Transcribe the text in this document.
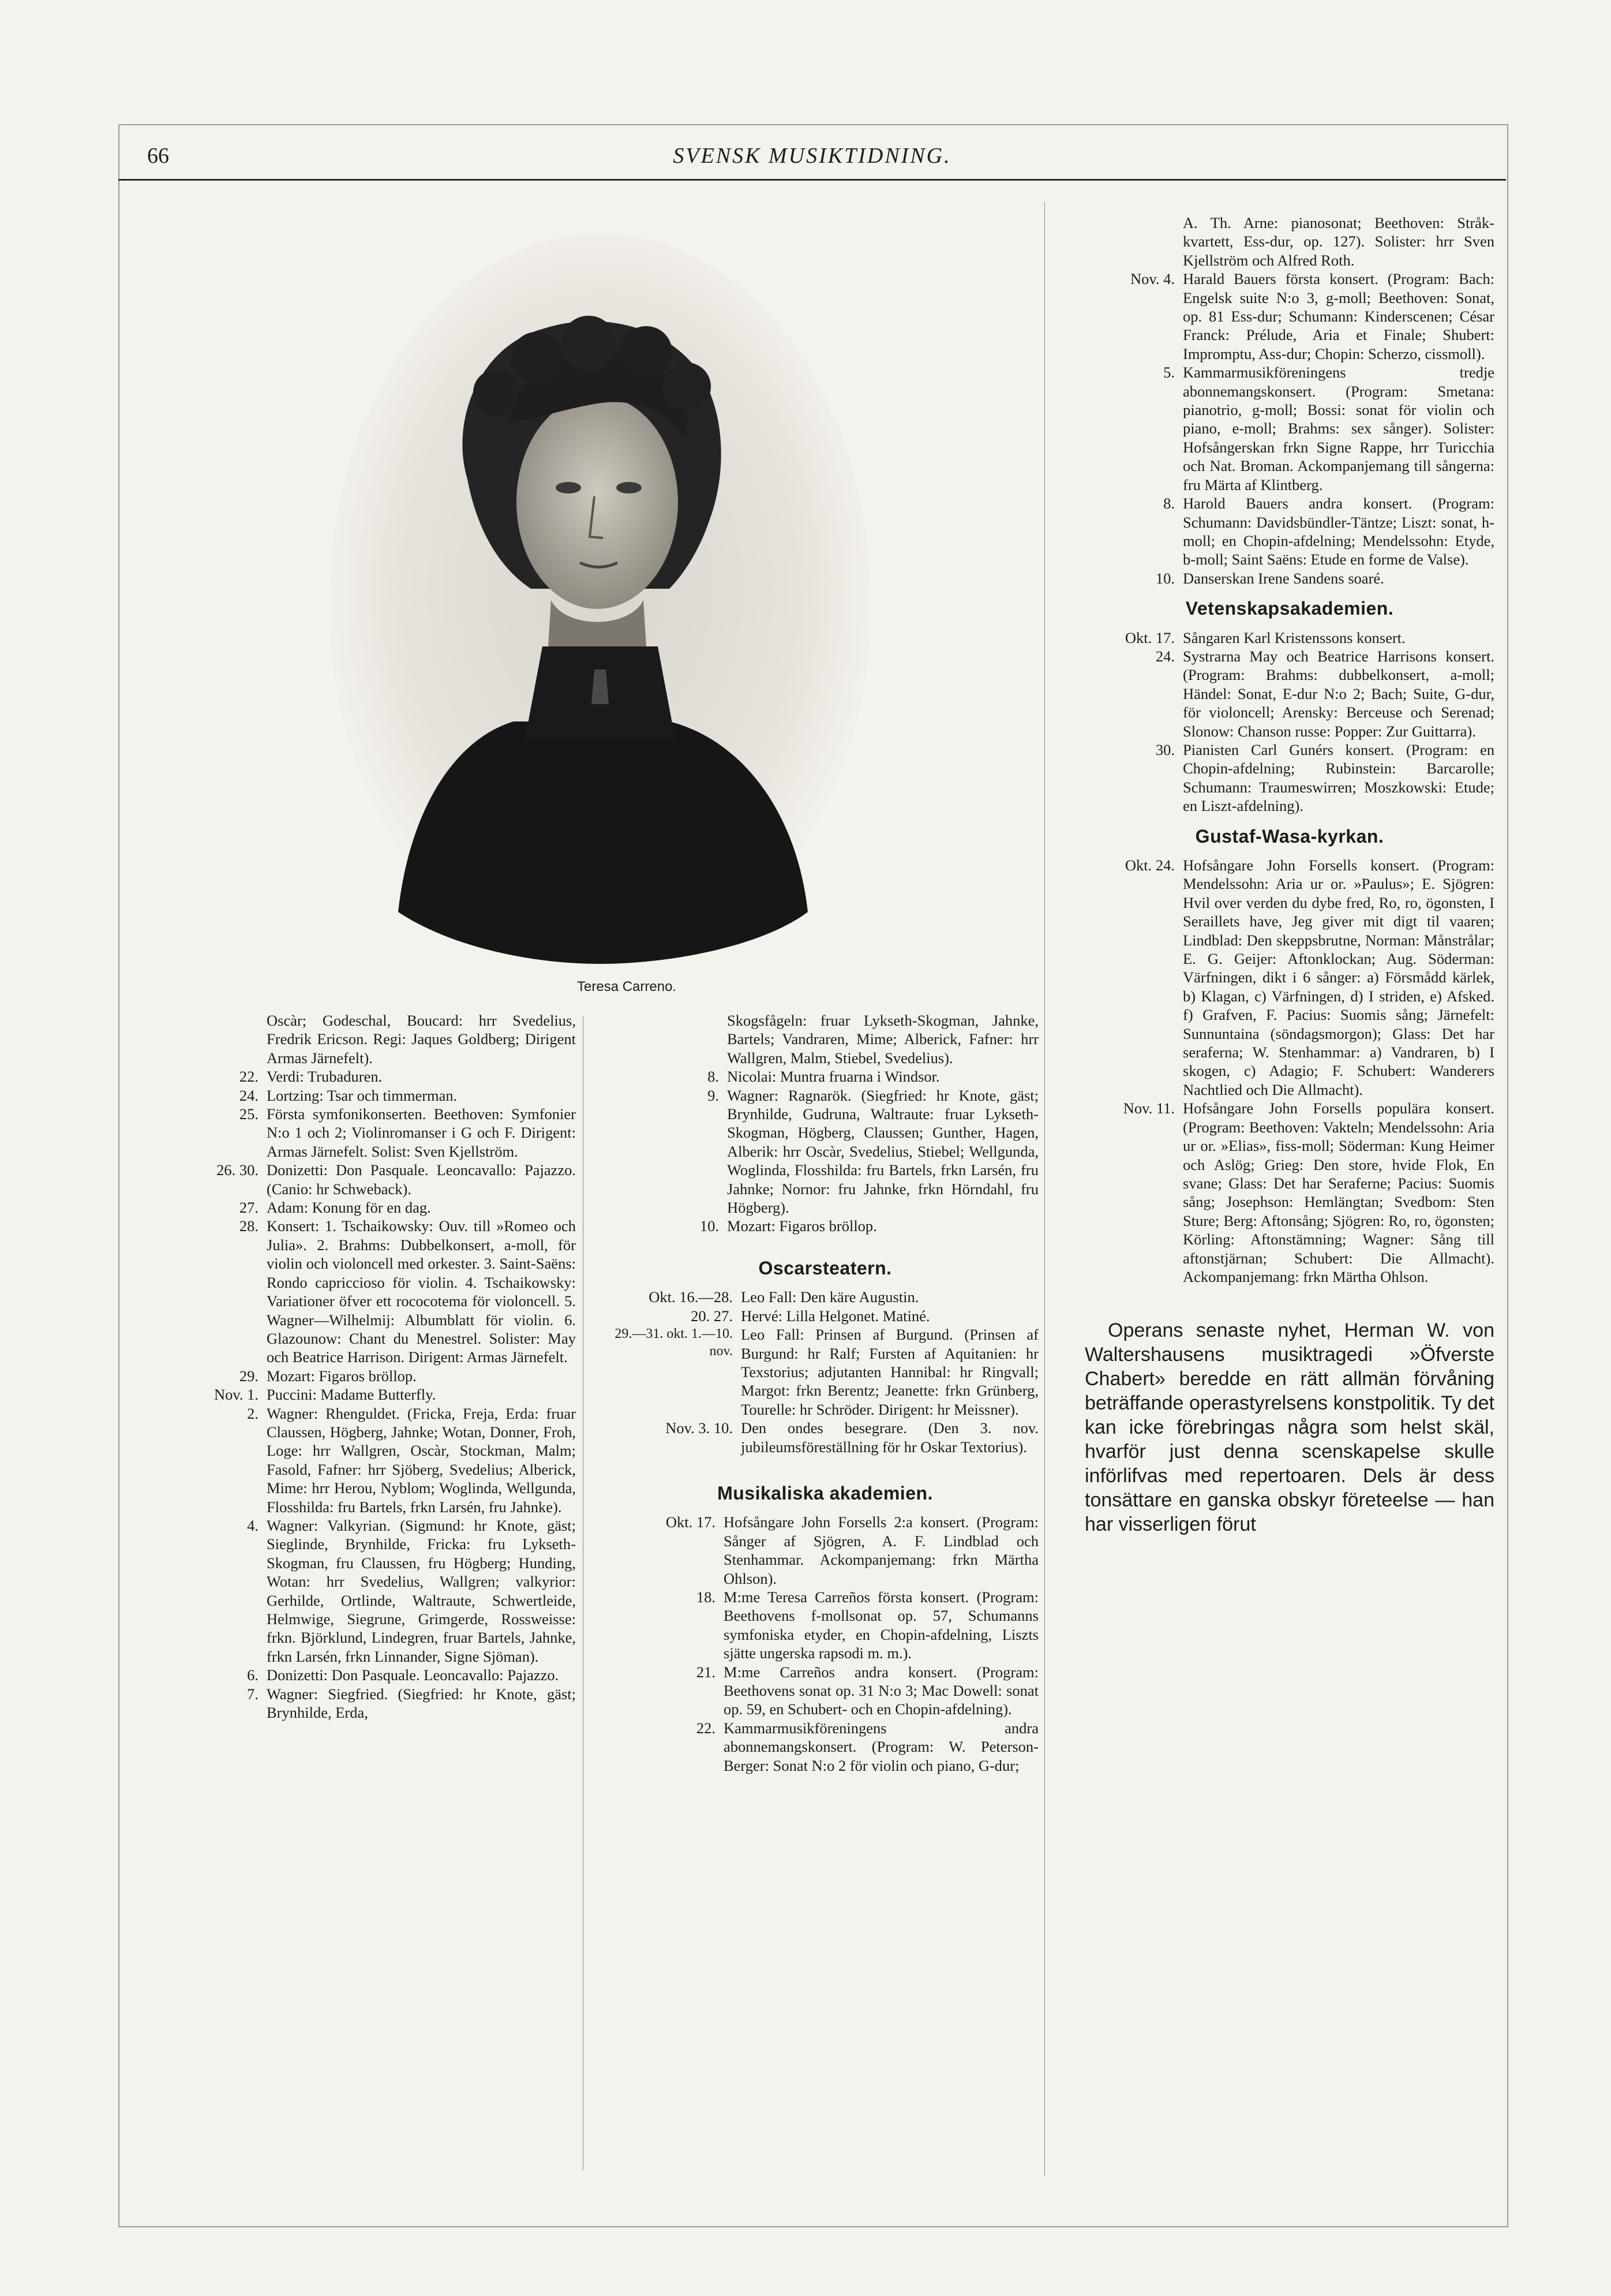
66	SVENSK MUSIKTIDNING.
Teresa Carreno.
Oscàr; Godeschal, Boucard: hrr Svedelius, Fredrik Ericson. Regi: Jaques Goldberg; Dirigent Armas Järnefelt).
22. Verdi: Trubaduren.
24. Lortzing: Tsar och timmerman.
25. Första symfonikonserten. Beethoven: Symfonier N:o 1 och 2; Violinromanser i G och F. Dirigent: Armas Järnefelt. Solist: Sven Kjellström.
26. 30. Donizetti: Don Pasquale. Leoncavallo: Pajazzo. (Canio: hr Schweback).
27. Adam: Konung för en dag.
28. Konsert: 1. Tschaikowsky: Ouv. till »Romeo och Julia». 2. Brahms: Dubbelkonsert, a-moll, för violin och violoncell med orkester. 3. Saint-Saëns: Rondo capriccioso för violin. 4. Tschaikowsky: Variationer öfver ett rococotema för violoncell. 5. Wagner—Wilhelmij: Albumblatt för violin. 6. Glazounow: Chant du Menestrel. Solister: May och Beatrice Harrison. Dirigent: Armas Järnefelt.
29. Mozart: Figaros bröllop.
Nov. 1. Puccini: Madame Butterfly.
2. Wagner: Rhenguldet. (Fricka, Freja, Erda: fruar Claussen, Högberg, Jahnke; Wotan, Donner, Froh, Loge: hrr Wallgren, Oscàr, Stockman, Malm; Fasold, Fafner: hrr Sjöberg, Svedelius; Alberick, Mime: hrr Herou, Nyblom; Woglinda, Wellgunda, Flosshilda: fru Bartels, frkn Larsén, fru Jahnke).
4. Wagner: Valkyrian. (Sigmund: hr Knote, gäst; Sieglinde, Brynhilde, Fricka: fru Lykseth-Skogman, fru Claussen, fru Högberg; Hunding, Wotan: hrr Svedelius, Wallgren; valkyrior: Gerhilde, Ortlinde, Waltraute, Schwertleide, Helmwige, Siegrune, Grimgerde, Rossweisse: frkn. Björklund, Lindegren, fruar Bartels, Jahnke, frkn Larsén, frkn Linnander, Signe Sjöman).
6. Donizetti: Don Pasquale. Leoncavallo: Pajazzo.
7. Wagner: Siegfried. (Siegfried: hr Knote, gäst; Brynhilde, Erda,
Skogsfågeln: fruar Lykseth-Skogman, Jahnke, Bartels; Vandraren, Mime; Alberick, Fafner: hrr Wallgren, Malm, Stiebel, Svedelius).
8. Nicolai: Muntra fruarna i Windsor.
9. Wagner: Ragnarök. (Siegfried: hr Knote, gäst; Brynhilde, Gudruna, Waltraute: fruar Lykseth-Skogman, Högberg, Claussen; Gunther, Hagen, Alberik: hrr Oscàr, Svedelius, Stiebel; Wellgunda, Woglinda, Flosshilda: fru Bartels, frkn Larsén, fru Jahnke; Nornor: fru Jahnke, frkn Hörndahl, fru Högberg).
10. Mozart: Figaros bröllop.
Oscarsteatern.
Okt. 16.—28. Leo Fall: Den käre Augustin.
20. 27. Hervé: Lilla Helgonet. Matiné.
29.—31. okt. 1.—10. nov.
Leo Fall: Prinsen af Burgund. (Prinsen af Burgund: hr Ralf; Fursten af Aquitanien: hr Texstorius; adjutanten Hannibal: hr Ringvall; Margot: frkn Berentz; Jeanette: frkn Grünberg, Tourelle: hr Schröder. Dirigent: hr Meissner).
Nov. 3. 10. Den ondes besegrare. (Den 3. nov. jubileumsföreställning för hr Oskar Textorius).
Musikaliska akademien.
Okt. 17. Hofsångare John Forsells 2:a konsert. (Program: Sånger af Sjögren, A. F. Lindblad och Stenhammar. Ackompanjemang: frkn Märtha Ohlson).
18. M:me Teresa Carreños första konsert. (Program: Beethovens f-mollsonat op. 57, Schumanns symfoniska etyder, en Chopin-afdelning, Liszts sjätte ungerska rapsodi m. m.).
21. M:me Carreños andra konsert. (Program: Beethovens sonat op. 31 N:o 3; Mac Dowell: sonat op. 59, en Schubert- och en Chopin-afdelning).
22. Kammarmusikföreningens andra abonnemangskonsert. (Program: W. Peterson-Berger: Sonat N:o 2 för violin och piano, G-dur;
A. Th. Arne: pianosonat; Beethoven: Stråk-kvartett, Ess-dur, op. 127). Solister: hrr Sven Kjellström och Alfred Roth.
Nov. 4. Harald Bauers första konsert. (Program: Bach: Engelsk suite N:o 3, g-moll; Beethoven: Sonat, op. 81 Ess-dur; Schumann: Kinderscenen; César Franck: Prélude, Aria et Finale; Shubert: Impromptu, Ass-dur; Chopin: Scherzo, cissmoll).
5. Kammarmusikföreningens tredje abonnemangskonsert. (Program: Smetana: pianotrio, g-moll; Bossi: sonat för violin och piano, e-moll; Brahms: sex sånger). Solister: Hofsångerskan frkn Signe Rappe, hrr Turicchia och Nat. Broman. Ackompanjemang till sångerna: fru Märta af Klintberg.
8. Harold Bauers andra konsert. (Program: Schumann: Davidsbündler-Täntze; Liszt: sonat, h-moll; en Chopin-afdelning; Mendelssohn: Etyde, b-moll; Saint Saëns: Etude en forme de Valse).
10. Danserskan Irene Sandens soaré.
Vetenskapsakademien.
Okt. 17. Sångaren Karl Kristenssons konsert.
24. Systrarna May och Beatrice Harrisons konsert. (Program: Brahms: dubbelkonsert, a-moll; Händel: Sonat, E-dur N:o 2; Bach; Suite, G-dur, för violoncell; Arensky: Berceuse och Serenad; Slonow: Chanson russe: Popper: Zur Guittarra).
30. Pianisten Carl Gunérs konsert. (Program: en Chopin-afdelning; Rubinstein: Barcarolle; Schumann: Traumeswirren; Moszkowski: Etude; en Liszt-afdelning).
Gustaf-Wasa-kyrkan.
Okt. 24. Hofsångare John Forsells konsert. (Program: Mendelssohn: Aria ur or. »Paulus»; E. Sjögren: Hvil over verden du dybe fred, Ro, ro, ögonsten, I Seraillets have, Jeg giver mit digt til vaaren; Lindblad: Den skeppsbrutne, Norman: Månstrålar; E. G. Geijer: Aftonklockan; Aug. Söderman: Värfningen, dikt i 6 sånger: a) Försmådd kärlek, b) Klagan, c) Värfningen, d) I striden, e) Afsked. f) Grafven, F. Pacius: Suomis sång; Järnefelt: Sunnuntaina (söndagsmorgon); Glass: Det har seraferna; W. Stenhammar: a) Vandraren, b) I skogen, c) Adagio; F. Schubert: Wanderers Nachtlied och Die Allmacht).
Nov. 11. Hofsångare John Forsells populära konsert. (Program: Beethoven: Vakteln; Mendelssohn: Aria ur or. »Elias», fiss-moll; Söderman: Kung Heimer och Aslög; Grieg: Den store, hvide Flok, En svane; Glass: Det har Seraferne; Pacius: Suomis sång; Josephson: Hemlängtan; Svedbom: Sten Sture; Berg: Aftonsång; Sjögren: Ro, ro, ögonsten; Körling: Aftonstämning; Wagner: Sång till aftonstjärnan; Schubert: Die Allmacht). Ackompanjemang: frkn Märtha Ohlson.
Operans senaste nyhet, Herman W. von Waltershausens musiktragedi »Öfverste Chabert» beredde en rätt allmän förvåning beträffande operastyrelsens konstpolitik. Ty det kan icke förebringas några som helst skäl, hvarför just denna scenskapelse skulle införlifvas med repertoaren. Dels är dess tonsättare en ganska obskyr företeelse — han har visserligen förut
